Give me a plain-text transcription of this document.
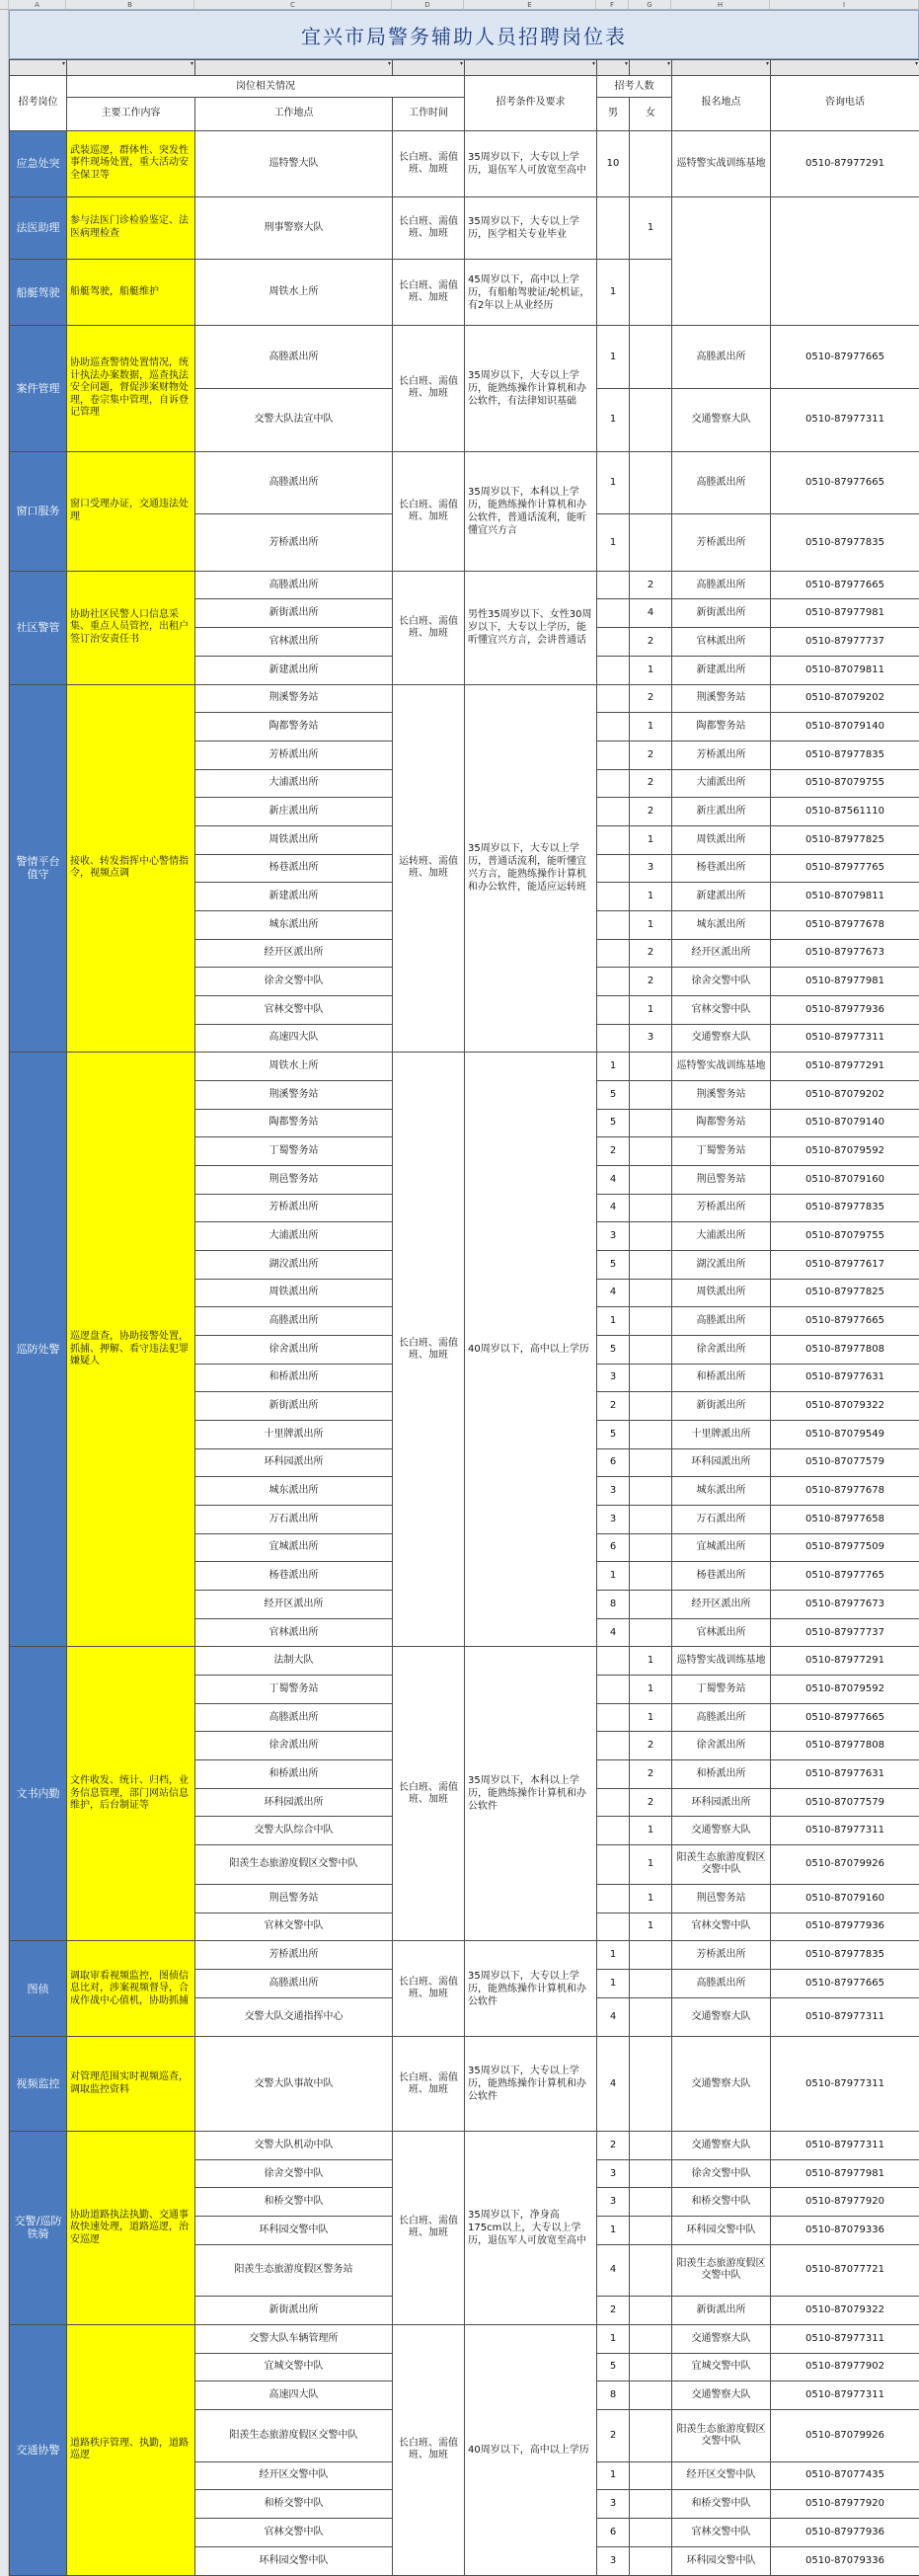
A	B	C	D	E	F	G	H	I
宜兴市局警务辅助人员招聘岗位表
▾	▾	▾	▾	▾	▾	▾	▾	▾

招考岗位	岗位相关情况			招考条件及要求	招考人数		报名地点	咨询电话
	主要工作内容	工作地点	工作时间		男	女		
应急处突	武装巡逻，群体性、突发性事件现场处置，重大活动安全保卫等	巡特警大队	长白班、需值班、加班	35周岁以下，大专以上学历，退伍军人可放宽至高中	10		巡特警实战训练基地	0510-87977291
法医助理	参与法医门诊检验鉴定、法医病理检查	刑事警察大队	长白班、需值班、加班	35周岁以下，大专以上学历，医学相关专业毕业		1		
船艇驾驶	船艇驾驶，船艇维护	周铁水上所	长白班、需值班、加班	45周岁以下，高中以上学历，有船舶驾驶证/轮机证，有2年以上从业经历	1			
案件管理	协助巡查警情处置情况，统计执法办案数据，巡查执法安全问题，督促涉案财物处理，卷宗集中管理，自诉登记管理	高塍派出所	长白班、需值班、加班	35周岁以下，大专以上学历，能熟练操作计算机和办公软件，有法律知识基础	1		高塍派出所	0510-87977665
		交警大队法宣中队			1		交通警察大队	0510-87977311
窗口服务	窗口受理办证，交通违法处理	高塍派出所	长白班、需值班、加班	35周岁以下，本科以上学历，能熟练操作计算机和办公软件，普通话流利，能听懂宜兴方言	1		高塍派出所	0510-87977665
		芳桥派出所			1		芳桥派出所	0510-87977835
社区警管	协助社区民警人口信息采集、重点人员管控，出租户签订治安责任书	高塍派出所	长白班、需值班、加班	男性35周岁以下、女性30周岁以下，大专以上学历，能听懂宜兴方言，会讲普通话		2	高塍派出所	0510-87977665
		新街派出所				4	新街派出所	0510-87977981
		官林派出所				2	官林派出所	0510-87977737
		新建派出所				1	新建派出所	0510-87079811
警情平台值守	接收、转发指挥中心警情指令，视频点调	荆溪警务站	运转班、需值班、加班	35周岁以下，大专以上学历，普通话流利，能听懂宜兴方言，能熟练操作计算机和办公软件，能适应运转班		2	荆溪警务站	0510-87079202
		陶都警务站				1	陶都警务站	0510-87079140
		芳桥派出所				2	芳桥派出所	0510-87977835
		大浦派出所				2	大浦派出所	0510-87079755
		新庄派出所				2	新庄派出所	0510-87561110
		周铁派出所				1	周铁派出所	0510-87977825
		杨巷派出所				3	杨巷派出所	0510-87977765
		新建派出所				1	新建派出所	0510-87079811
		城东派出所				1	城东派出所	0510-87977678
		经开区派出所				2	经开区派出所	0510-87977673
		徐舍交警中队				2	徐舍交警中队	0510-87977981
		官林交警中队				1	官林交警中队	0510-87977936
		高速四大队				3	交通警察大队	0510-87977311
巡防处警	巡逻盘查，协助接警处置，抓捕、押解、看守违法犯罪嫌疑人	周铁水上所	长白班、需值班、加班	40周岁以下，高中以上学历	1		巡特警实战训练基地	0510-87977291
		荆溪警务站			5		荆溪警务站	0510-87079202
		陶都警务站			5		陶都警务站	0510-87079140
		丁蜀警务站			2		丁蜀警务站	0510-87079592
		荆邑警务站			4		荆邑警务站	0510-87079160
		芳桥派出所			4		芳桥派出所	0510-87977835
		大浦派出所			3		大浦派出所	0510-87079755
		湖㳇派出所			5		湖㳇派出所	0510-87977617
		周铁派出所			4		周铁派出所	0510-87977825
		高塍派出所			1		高塍派出所	0510-87977665
		徐舍派出所			5		徐舍派出所	0510-87977808
		和桥派出所			3		和桥派出所	0510-87977631
		新街派出所			2		新街派出所	0510-87079322
		十里牌派出所			5		十里牌派出所	0510-87079549
		环科园派出所			6		环科园派出所	0510-87077579
		城东派出所			3		城东派出所	0510-87977678
		万石派出所			3		万石派出所	0510-87977658
		宜城派出所			6		宜城派出所	0510-87977509
		杨巷派出所			1		杨巷派出所	0510-87977765
		经开区派出所			8		经开区派出所	0510-87977673
		官林派出所			4		官林派出所	0510-87977737
文书内勤	文件收发、统计、归档，业务信息管理，部门网站信息维护，后台制证等	法制大队	长白班、需值班、加班	35周岁以下，本科以上学历，能熟练操作计算机和办公软件		1	巡特警实战训练基地	0510-87977291
		丁蜀警务站				1	丁蜀警务站	0510-87079592
		高塍派出所				1	高塍派出所	0510-87977665
		徐舍派出所				2	徐舍派出所	0510-87977808
		和桥派出所				2	和桥派出所	0510-87977631
		环科园派出所				2	环科园派出所	0510-87077579
		交警大队综合中队				1	交通警察大队	0510-87977311
		阳羡生态旅游度假区交警中队				1	阳羡生态旅游度假区交警中队	0510-87079926
		荆邑警务站				1	荆邑警务站	0510-87079160
		官林交警中队				1	官林交警中队	0510-87977936
图侦	调取审看视频监控，图侦信息比对，涉案视频督导，合成作战中心值机，协助抓捕	芳桥派出所	长白班、需值班、加班	35周岁以下，大专以上学历，能熟练操作计算机和办公软件	1		芳桥派出所	0510-87977835
		高塍派出所			1		高塍派出所	0510-87977665
		交警大队交通指挥中心			4		交通警察大队	0510-87977311
视频监控	对管理范围实时视频巡查，调取监控资料	交警大队事故中队	长白班、需值班、加班	35周岁以下，大专以上学历，能熟练操作计算机和办公软件	4		交通警察大队	0510-87977311
交警/巡防铁骑	协助道路执法执勤、交通事故快速处理，道路巡逻，治安巡逻	交警大队机动中队	长白班、需值班、加班	35周岁以下，净身高175cm以上，大专以上学历，退伍军人可放宽至高中	2		交通警察大队	0510-87977311
		徐舍交警中队			3		徐舍交警中队	0510-87977981
		和桥交警中队			3		和桥交警中队	0510-87977920
		环科园交警中队			1		环科园交警中队	0510-87079336
		阳羡生态旅游度假区警务站			4		阳羡生态旅游度假区交警中队	0510-87077721
		新街派出所			2		新街派出所	0510-87079322
交通协警	道路秩序管理、执勤，道路巡逻	交警大队车辆管理所	长白班、需值班、加班	40周岁以下，高中以上学历	1		交通警察大队	0510-87977311
		宜城交警中队			5		宜城交警中队	0510-87977902
		高速四大队			8		交通警察大队	0510-87977311
		阳羡生态旅游度假区交警中队			2		阳羡生态旅游度假区交警中队	0510-87079926
		经开区交警中队			1		经开区交警中队	0510-87077435
		和桥交警中队			3		和桥交警中队	0510-87977920
		官林交警中队			6		官林交警中队	0510-87977936
		环科园交警中队			3		环科园交警中队	0510-87079336
